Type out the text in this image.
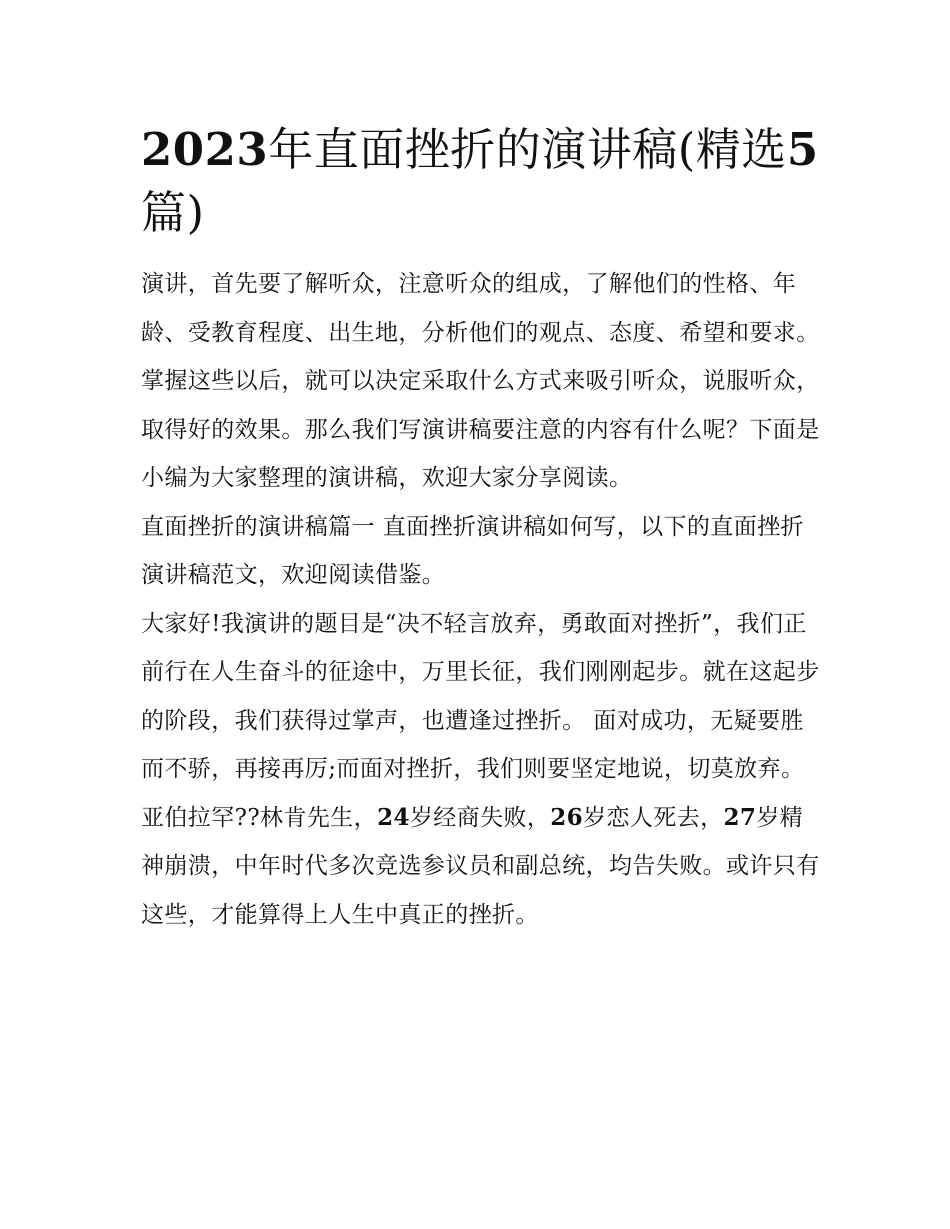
2023年直面挫折的演讲稿(精选5篇)

演讲，首先要了解听众，注意听众的组成，了解他们的性格、年龄、受教育程度、出生地，分析他们的观点、态度、希望和要求。掌握这些以后，就可以决定采取什么方式来吸引听众，说服听众，取得好的效果。那么我们写演讲稿要注意的内容有什么呢？下面是小编为大家整理的演讲稿，欢迎大家分享阅读。

直面挫折的演讲稿篇一 直面挫折演讲稿如何写，以下的直面挫折演讲稿范文，欢迎阅读借鉴。

大家好!我演讲的题目是“决不轻言放弃，勇敢面对挫折”，我们正前行在人生奋斗的征途中，万里长征，我们刚刚起步。就在这起步的阶段，我们获得过掌声，也遭逢过挫折。 面对成功，无疑要胜而不骄，再接再厉;而面对挫折，我们则要坚定地说，切莫放弃。

亚伯拉罕??林肯先生，24岁经商失败，26岁恋人死去，27岁精神崩溃，中年时代多次竞选参议员和副总统，均告失败。或许只有这些，才能算得上人生中真正的挫折。
